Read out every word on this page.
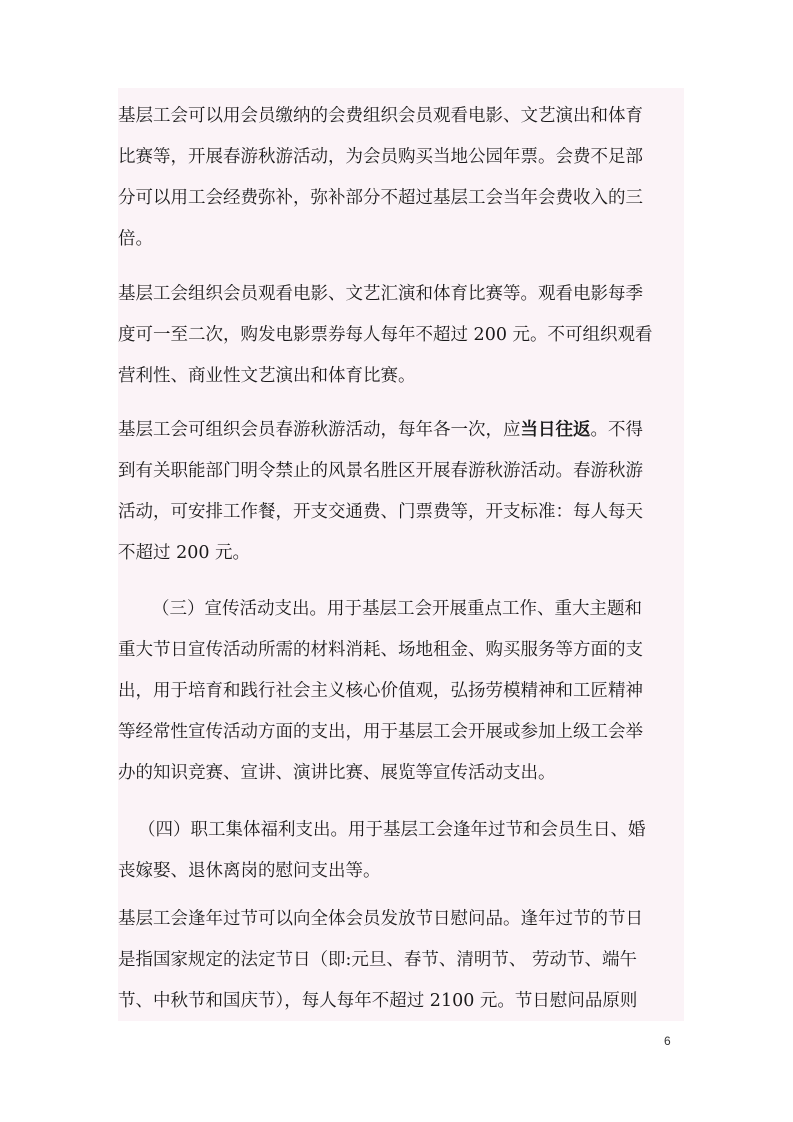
基层工会可以用会员缴纳的会费组织会员观看电影、文艺演出和体育
比赛等，开展春游秋游活动，为会员购买当地公园年票。会费不足部
分可以用工会经费弥补，弥补部分不超过基层工会当年会费收入的三
倍。

基层工会组织会员观看电影、文艺汇演和体育比赛等。观看电影每季
度可一至二次，购发电影票券每人每年不超过 200 元。不可组织观看
营利性、商业性文艺演出和体育比赛。

基层工会可组织会员春游秋游活动，每年各一次，应当日往返。不得
到有关职能部门明令禁止的风景名胜区开展春游秋游活动。春游秋游
活动，可安排工作餐，开支交通费、门票费等，开支标准：每人每天
不超过 200 元。

（三）宣传活动支出。用于基层工会开展重点工作、重大主题和
重大节日宣传活动所需的材料消耗、场地租金、购买服务等方面的支
出，用于培育和践行社会主义核心价值观，弘扬劳模精神和工匠精神
等经常性宣传活动方面的支出，用于基层工会开展或参加上级工会举
办的知识竞赛、宣讲、演讲比赛、展览等宣传活动支出。

（四）职工集体福利支出。用于基层工会逢年过节和会员生日、婚
丧嫁娶、退休离岗的慰问支出等。

基层工会逢年过节可以向全体会员发放节日慰问品。逢年过节的节日
是指国家规定的法定节日（即:元旦、春节、清明节、 劳动节、端午
节、中秋节和国庆节），每人每年不超过 2100 元。节日慰问品原则

6
